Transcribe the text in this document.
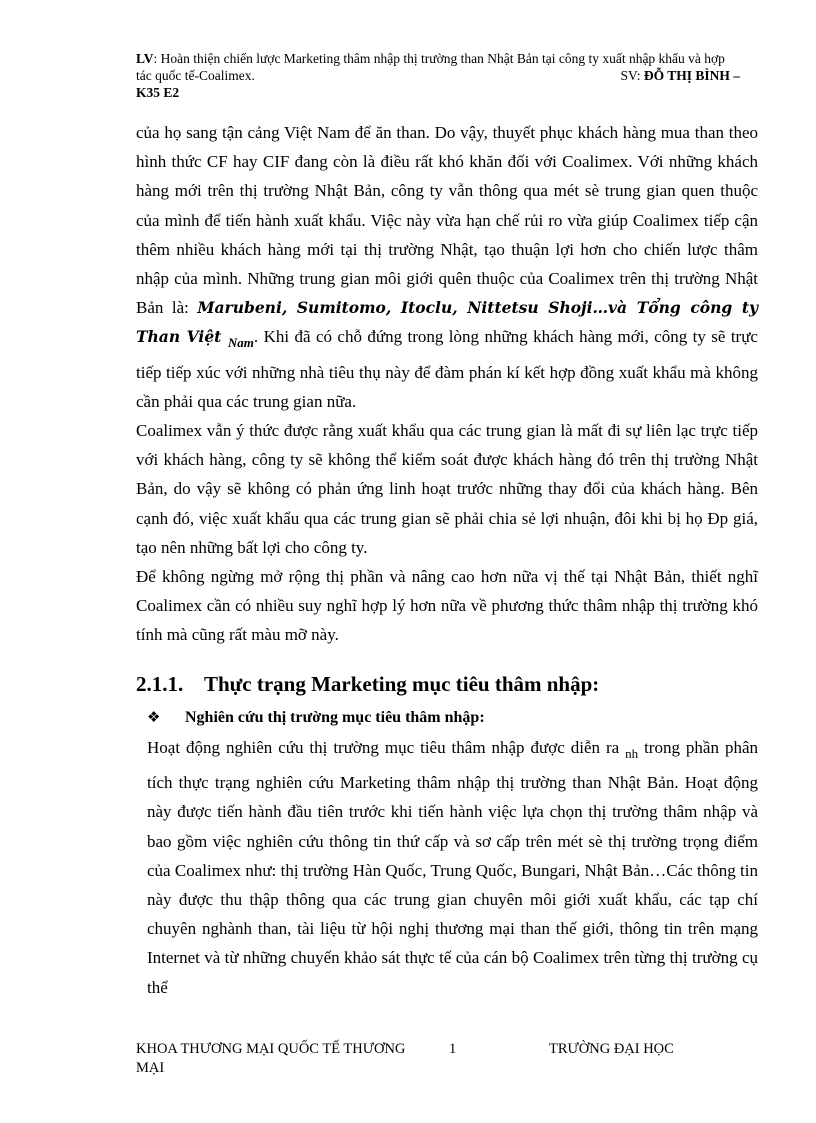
LV: Hoàn thiện chiến lược Marketing thâm nhập thị trường than Nhật Bản tại công ty xuất nhập khẩu và hợp tác quốc tế-Coalimex.	SV: ĐỖ THỊ BÌNH –

K35 E2

của họ sang tận cảng Việt Nam để ăn than. Do vậy, thuyết phục khách hàng mua than theo hình thức CF hay CIF đang còn là điều rất khó khăn đối với Coalimex. Với những khách hàng mới trên thị trường Nhật Bản, công ty vẫn thông qua mét sè trung gian quen thuộc của mình để tiến hành xuất khẩu. Việc này vừa hạn chế rủi ro vừa giúp Coalimex tiếp cận thêm nhiều khách hàng mới tại thị trường Nhật, tạo thuận lợi hơn cho chiến lược thâm nhập của mình. Những trung gian môi giới quên thuộc của Coalimex trên thị trường Nhật Bản là: Marubeni, Sumitomo, Itoclu, Nittetsu Shoji…và Tổng công ty Than Việt $_{Nam}$. Khi đã có chỗ đứng trong lòng những khách hàng mới, công ty sẽ trực tiếp tiếp xúc với những nhà tiêu thụ này để đàm phán kí kết hợp đồng xuất khẩu mà không cần phải qua các trung gian nữa.

Coalimex vẫn ý thức được rằng xuất khẩu qua các trung gian là mất đi sự liên lạc trực tiếp với khách hàng, công ty sẽ không thể kiểm soát được khách hàng đó trên thị trường Nhật Bản, do vậy sẽ không có phản ứng linh hoạt trước những thay đổi của khách hàng. Bên cạnh đó, việc xuất khẩu qua các trung gian sẽ phải chia sẻ lợi nhuận, đôi khi bị họ Đp giá, tạo nên những bất lợi cho công ty.

Để không ngừng mở rộng thị phần và nâng cao hơn nữa vị thế tại Nhật Bản, thiết nghĩ Coalimex cần có nhiều suy nghĩ hợp lý hơn nữa về phương thức thâm nhập thị trường khó tính mà cũng rất màu mỡ này.

2.1.1. Thực trạng Marketing mục tiêu thâm nhập:
❖ Nghiên cứu thị trường mục tiêu thâm nhập:

Hoạt động nghiên cứu thị trường mục tiêu thâm nhập được diễn ra $_{nh}$ trong phần phân tích thực trạng nghiên cứu Marketing thâm nhập thị trường than Nhật Bản. Hoạt động này được tiến hành đầu tiên trước khi tiến hành việc lựa chọn thị trường thâm nhập và bao gồm việc nghiên cứu thông tin thứ cấp và sơ cấp trên mét sè thị trường trọng điểm của Coalimex như: thị trường Hàn Quốc, Trung Quốc, Bungari, Nhật Bản…Các thông tin này được thu thập thông qua các trung gian chuyên môi giới xuất khẩu, các tạp chí chuyên nghành than, tài liệu từ hội nghị thương mại than thế giới, thông tin trên mạng Internet và từ những chuyến khảo sát thực tế của cán bộ Coalimex trên từng thị trường cụ thể

KHOA THƯƠNG MẠI QUỐC TẾ THƯƠNG MẠI
1	TRƯỜNG ĐẠI HỌC
